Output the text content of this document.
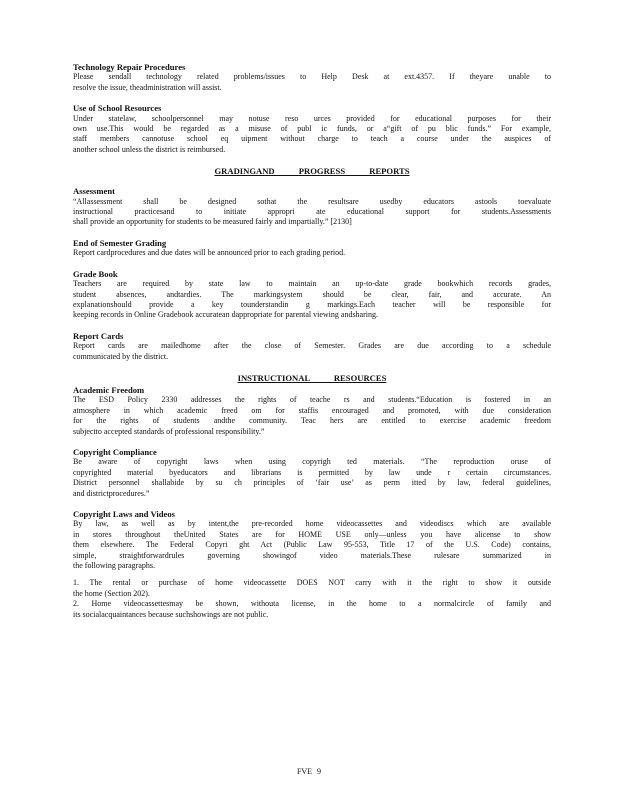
Technology Repair Procedures

Please sendall technology related problems/issues to Help Desk at ext.4357. If theyare unable to
resolve the issue, theadministration will assist.

Use of School Resources

Under statelaw, schoolpersonnel may notuse reso urces provided for educational purposes for their
own use.This would be regarded as a misuse of publ ic funds, or a“gift of pu blic funds.” For example,
staff members cannotuse school eq uipment without charge to teach a course under the auspices of
another school unless the district is reimbursed.

GRADINGAND PROGRESS REPORTS
Assessment

“Allassessment shall be designed sothat the resultsare usedby educators astools toevaluate
instructional practicesand to initiate appropri ate educational support for students.Assessments
shall provide an opportunity for students to be measured fairly and impartially.” [2130]

End of Semester Grading

Report cardprocedures and due dates will be announced prior to each grading period.

Grade Book

Teachers are required by state law to maintain an up-to-date grade bookwhich records grades,
student absences, andtardies. The markingsystem should be clear, fair, and accurate. An
explanationshould provide a key tounderstandin g markings.Each teacher will be responsible for
keeping records in Online Gradebook accuratean dappropriate for parental viewing andsharing.

Report Cards

Report cards are mailedhome after the close of Semester. Grades are due according to a schedule
communicated by the district.

INSTRUCTIONAL RESOURCES
Academic Freedom

The ESD Policy 2330 addresses the rights of teache rs and students.“Education is fostered in an
atmosphere in which academic freed om for staffis encouraged and promoted, with due consideration
for the rights of students andthe community. Teac hers are entitled to exercise academic freedom
subjectto accepted standards of professional responsibility.”

Copyright Compliance

Be aware of copyright laws when using copyrigh ted materials. “The reproduction oruse of
copyrighted material byeducators and librarians is permitted by law unde r certain circumstances.
District personnel shallabide by su ch principles of ‘fair use’ as perm itted by law, federal guidelines,
and districtprocedures.”

Copyright Laws and Videos

By law, as well as by intent,the pre-recorded home videocassettes and videodiscs which are available
in stores throughout theUnited States are for HOME USE only—unless you have alicense to show
them elsewhere. The Federal Copyri ght Act (Public Law 95-553, Title 17 of the U.S. Code) contains,
simple, straightforwardrules governing showingof video materials.These rulesare summarized in
the following paragraphs.

1. The rental or purchase of home videocassette DOES NOT carry with it the right to show it outside
the home (Section 202).

2. Home videocassettesmay be shown, withouta license, in the home to a normalcircle of family and
its socialacquaintances because suchshowings are not public.

FVE 9
